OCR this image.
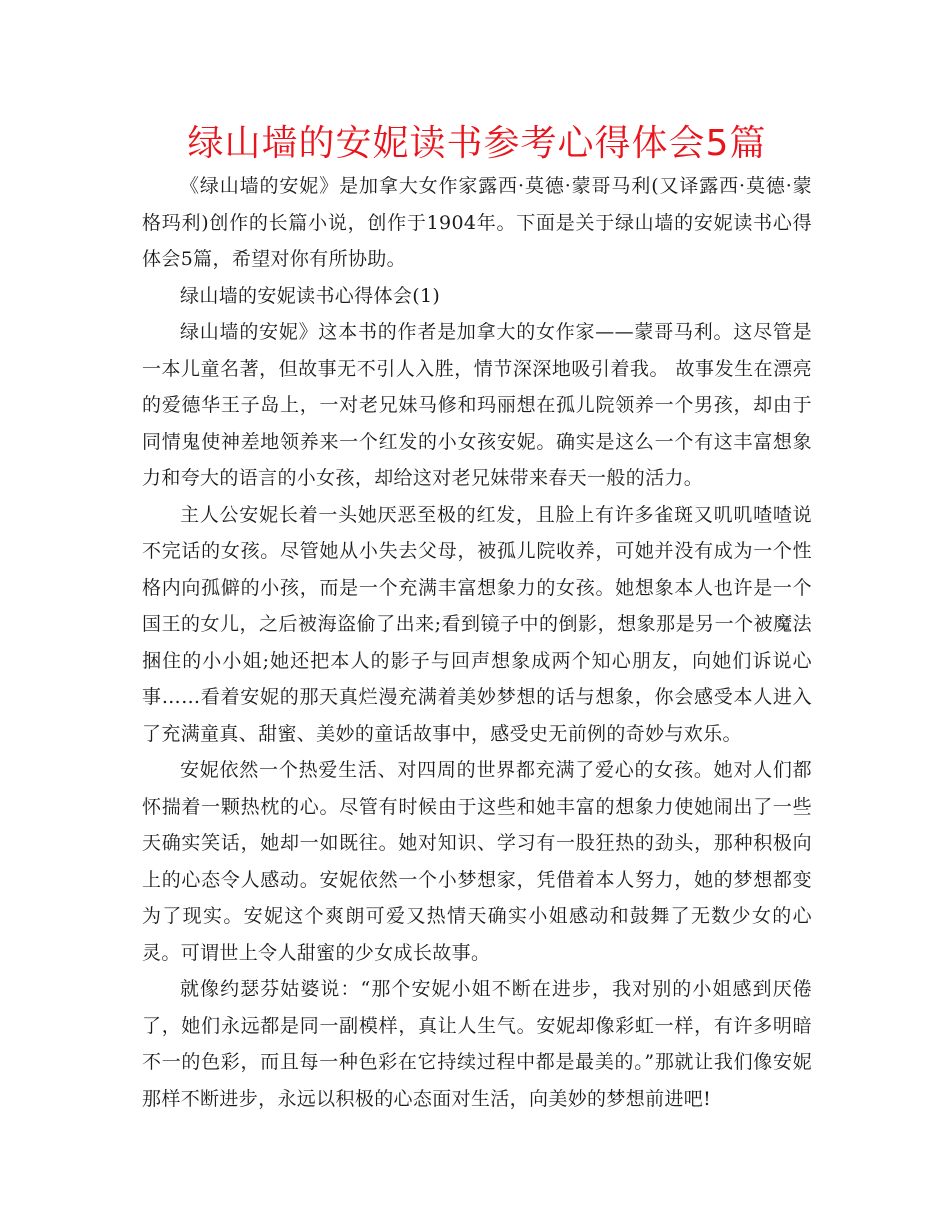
绿山墙的安妮读书参考心得体会5篇

《绿山墙的安妮》是加拿大女作家露西·莫德·蒙哥马利(又译露西·莫德·蒙格玛利)创作的长篇小说，创作于1904年。下面是关于绿山墙的安妮读书心得体会5篇，希望对你有所协助。

绿山墙的安妮读书心得体会(1)

绿山墙的安妮》这本书的作者是加拿大的女作家——蒙哥马利。这尽管是一本儿童名著，但故事无不引人入胜，情节深深地吸引着我。 故事发生在漂亮的爱德华王子岛上，一对老兄妹马修和玛丽想在孤儿院领养一个男孩，却由于同情鬼使神差地领养来一个红发的小女孩安妮。确实是这么一个有这丰富想象力和夸大的语言的小女孩，却给这对老兄妹带来春天一般的活力。

主人公安妮长着一头她厌恶至极的红发，且脸上有许多雀斑又叽叽喳喳说不完话的女孩。尽管她从小失去父母，被孤儿院收养，可她并没有成为一个性格内向孤僻的小孩，而是一个充满丰富想象力的女孩。她想象本人也许是一个国王的女儿，之后被海盗偷了出来;看到镜子中的倒影，想象那是另一个被魔法捆住的小小姐;她还把本人的影子与回声想象成两个知心朋友，向她们诉说心事……看着安妮的那天真烂漫充满着美妙梦想的话与想象，你会感受本人进入了充满童真、甜蜜、美妙的童话故事中，感受史无前例的奇妙与欢乐。

安妮依然一个热爱生活、对四周的世界都充满了爱心的女孩。她对人们都怀揣着一颗热枕的心。尽管有时候由于这些和她丰富的想象力使她闹出了一些天确实笑话，她却一如既往。她对知识、学习有一股狂热的劲头，那种积极向上的心态令人感动。安妮依然一个小梦想家，凭借着本人努力，她的梦想都变为了现实。安妮这个爽朗可爱又热情天确实小姐感动和鼓舞了无数少女的心灵。可谓世上令人甜蜜的少女成长故事。

就像约瑟芬姑婆说：“那个安妮小姐不断在进步，我对别的小姐感到厌倦了，她们永远都是同一副模样，真让人生气。安妮却像彩虹一样，有许多明暗不一的色彩，而且每一种色彩在它持续过程中都是最美的。”那就让我们像安妮那样不断进步，永远以积极的心态面对生活，向美妙的梦想前进吧!
